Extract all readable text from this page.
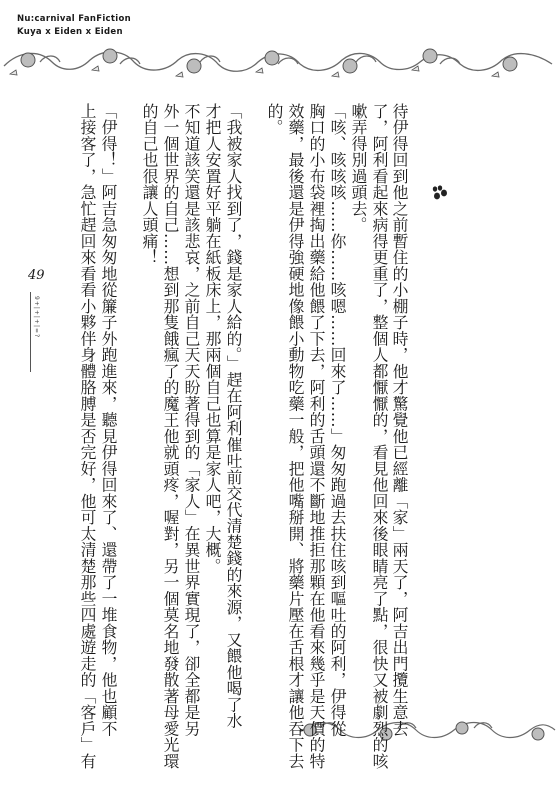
Nu:carnival FanFiction
Kuya x Eiden x Eiden
待伊得回到他之前暫住的小棚子時，他才驚覺他已經離「家」兩天了，阿吉出門攬生意去
了，阿利看起來病得更重了，整個人都懨懨的，看見他回來後眼睛亮了點，很快又被劇烈的咳
嗽弄得別過頭去。
「咳、咳咳咳……你……咳嗯……回來了……」匆匆跑過去扶住咳到嘔吐的阿利，伊得從
胸口的小布袋裡掏出藥給他餵了下去，阿利的舌頭還不斷地推拒那顆在他看來幾乎是天價的特
效藥，最後還是伊得強硬地像餵小動物吃藥一般，把他嘴掰開、將藥片壓在舌根才讓他吞下去
的。
「我被家人找到了，錢是家人給的。」趕在阿利催吐前交代清楚錢的來源，又餵他喝了水
才把人安置好平躺在紙板床上，那兩個自己也算是家人吧，大概。
不知道該笑還是該悲哀，之前自己天天盼著得到的「家人」在異世界實現了，卻全都是另
外一個世界的自己……想到那隻餓瘋了的魔王他就頭疼，喔對，另一個莫名地發散著母愛光環
的自己也很讓人頭痛！
「伊得！」阿吉急匆匆地從簾子外跑進來，聽見伊得回來了、還帶了一堆食物，他也顧不
上接客了，急忙趕回來看看小夥伴身體胳膊是否完好，他可太清楚那些四處遊走的「客戶」有
49
9+|+|+|=?
